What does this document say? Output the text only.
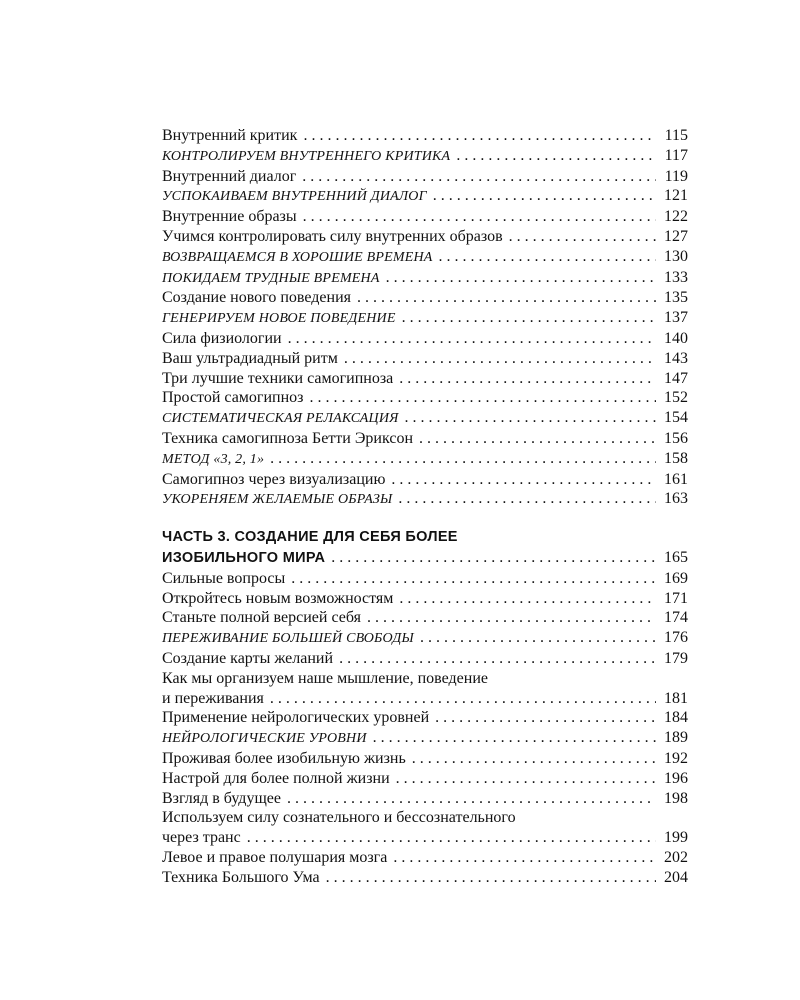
Внутренний критик . . .	115
КОНТРОЛИРУЕМ ВНУТРЕННЕГО КРИТИКА . . .	117
Внутренний диалог . . .	119
УСПОКАИВАЕМ ВНУТРЕННИЙ ДИАЛОГ . . .	121
Внутренние образы . . .	122
Учимся контролировать силу внутренних образов . . .	127
ВОЗВРАЩАЕМСЯ В ХОРОШИЕ ВРЕМЕНА . . .	130
ПОКИДАЕМ ТРУДНЫЕ ВРЕМЕНА . . .	133
Создание нового поведения . . .	135
ГЕНЕРИРУЕМ НОВОЕ ПОВЕДЕНИЕ . . .	137
Сила физиологии . . .	140
Ваш ультрадиадный ритм . . .	143
Три лучшие техники самогипноза . . .	147
Простой самогипноз . . .	152
СИСТЕМАТИЧЕСКАЯ РЕЛАКСАЦИЯ . . .	154
Техника самогипноза Бетти Эриксон . . .	156
МЕТОД «3, 2, 1» . . .	158
Самогипноз через визуализацию . . .	161
УКОРЕНЯЕМ ЖЕЛАЕМЫЕ ОБРАЗЫ . . .	163
ЧАСТЬ 3. СОЗДАНИЕ ДЛЯ СЕБЯ БОЛЕЕ
ИЗОБИЛЬНОГО МИРА . . .	165
Сильные вопросы . . .	169
Откройтесь новым возможностям . . .	171
Станьте полной версией себя . . .	174
ПЕРЕЖИВАНИЕ БОЛЬШЕЙ СВОБОДЫ . . .	176
Создание карты желаний . . .	179
Как мы организуем наше мышление, поведение
и переживания . . .	181
Применение нейрологических уровней . . .	184
НЕЙРОЛОГИЧЕСКИЕ УРОВНИ . . .	189
Проживая более изобильную жизнь . . .	192
Настрой для более полной жизни . . .	196
Взгляд в будущее . . .	198
Используем силу сознательного и бессознательного
через транс . . .	199
Левое и правое полушария мозга . . .	202
Техника Большого Ума . . .	204
